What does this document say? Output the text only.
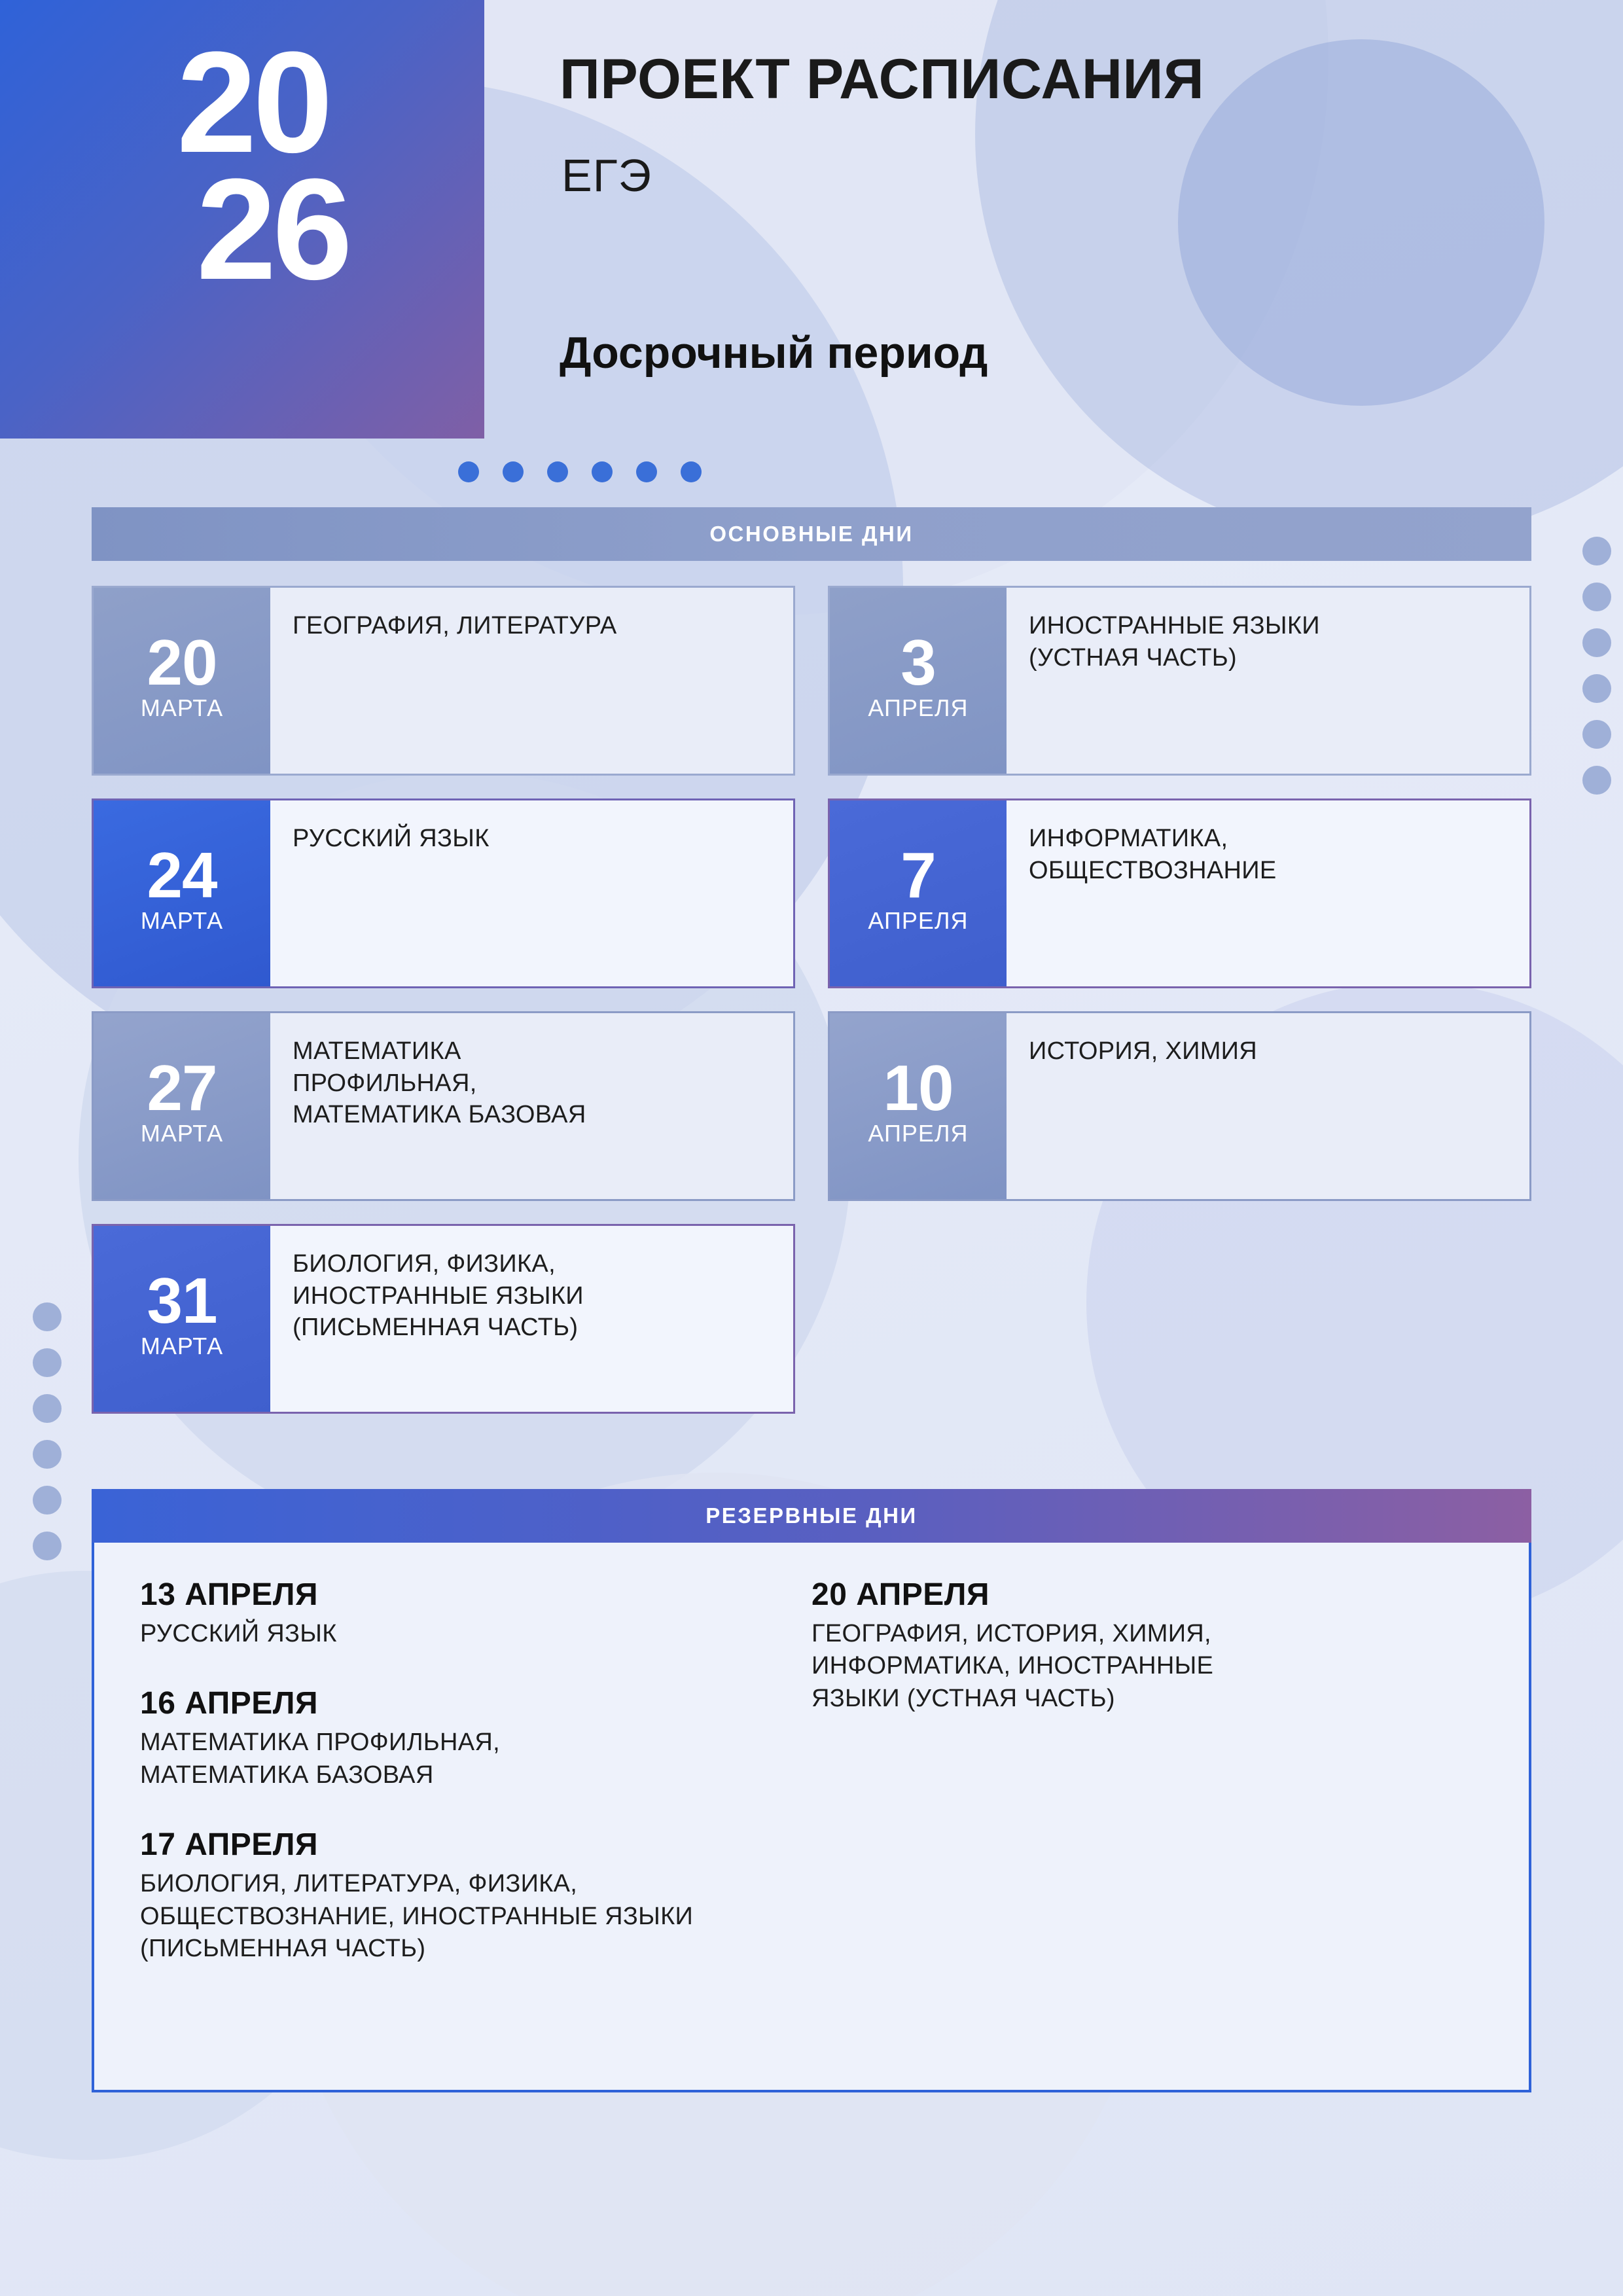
20
26
ПРОЕКТ РАСПИСАНИЯ
ЕГЭ
Досрочный период
ОСНОВНЫЕ ДНИ
20
МАРТА
ГЕОГРАФИЯ, ЛИТЕРАТУРА
3
АПРЕЛЯ
ИНОСТРАННЫЕ ЯЗЫКИ
(УСТНАЯ ЧАСТЬ)
24
МАРТА
РУССКИЙ ЯЗЫК
7
АПРЕЛЯ
ИНФОРМАТИКА,
ОБЩЕСТВОЗНАНИЕ
27
МАРТА
МАТЕМАТИКА
ПРОФИЛЬНАЯ,
МАТЕМАТИКА БАЗОВАЯ	10
АПРЕЛЯ
ИСТОРИЯ, ХИМИЯ
31
МАРТА
БИОЛОГИЯ, ФИЗИКА,
ИНОСТРАННЫЕ ЯЗЫКИ
(ПИСЬМЕННАЯ ЧАСТЬ)
РЕЗЕРВНЫЕ ДНИ
13 АПРЕЛЯ
РУССКИЙ ЯЗЫК
16 АПРЕЛЯ
МАТЕМАТИКА ПРОФИЛЬНАЯ,
МАТЕМАТИКА БАЗОВАЯ
17 АПРЕЛЯ
БИОЛОГИЯ, ЛИТЕРАТУРА, ФИЗИКА,
ОБЩЕСТВОЗНАНИЕ, ИНОСТРАННЫЕ ЯЗЫКИ
(ПИСЬМЕННАЯ ЧАСТЬ)
20 АПРЕЛЯ
ГЕОГРАФИЯ, ИСТОРИЯ, ХИМИЯ,
ИНФОРМАТИКА, ИНОСТРАННЫЕ
ЯЗЫКИ (УСТНАЯ ЧАСТЬ)
